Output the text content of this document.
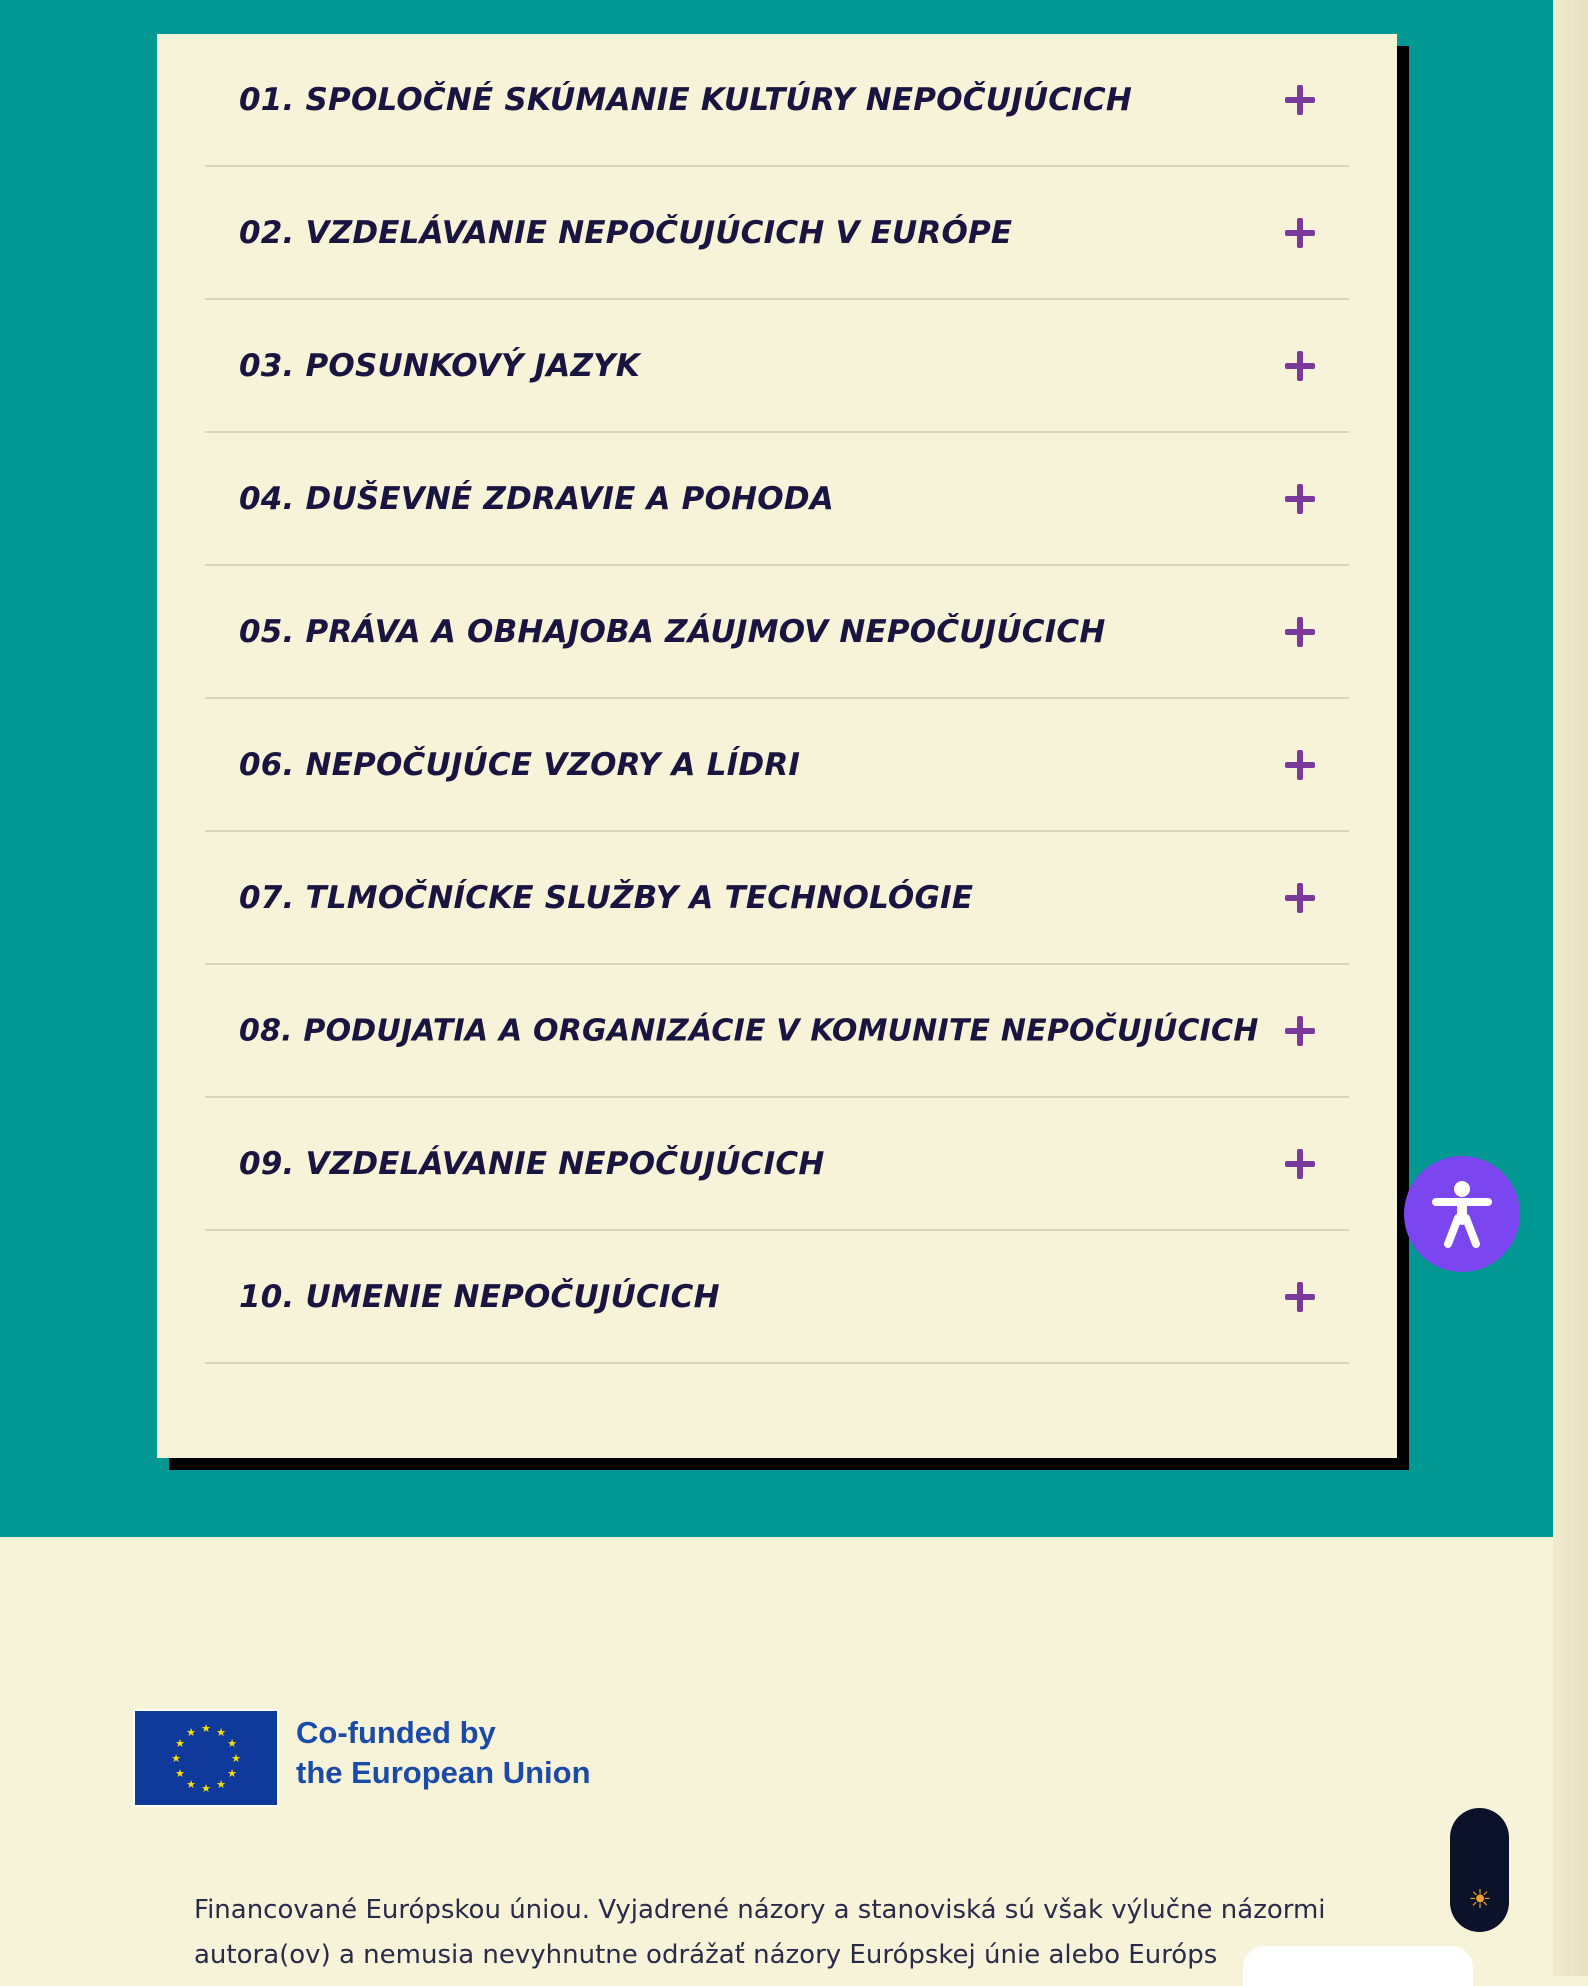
01. SPOLOČNÉ SKÚMANIE KULTÚRY NEPOČUJÚCICH
02. VZDELÁVANIE NEPOČUJÚCICH V EURÓPE
03. POSUNKOVÝ JAZYK
04. DUŠEVNÉ ZDRAVIE A POHODA
05. PRÁVA A OBHAJOBA ZÁUJMOV NEPOČUJÚCICH
06. NEPOČUJÚCE VZORY A LÍDRI
07. TLMOČNÍCKE SLUŽBY A TECHNOLÓGIE
08. PODUJATIA A ORGANIZÁCIE V KOMUNITE NEPOČUJÚCICH
09. VZDELÁVANIE NEPOČUJÚCICH
10. UMENIE NEPOČUJÚCICH
★ ★
★
★
★
★
★
★
★
★
★
★	Co-funded by
the European Union
Financované Európskou úniou. Vyjadrené názory a stanoviská sú však výlučne názormi
autora(ov) a nemusia nevyhnutne odrážať názory Európskej únie alebo Európs
☀
